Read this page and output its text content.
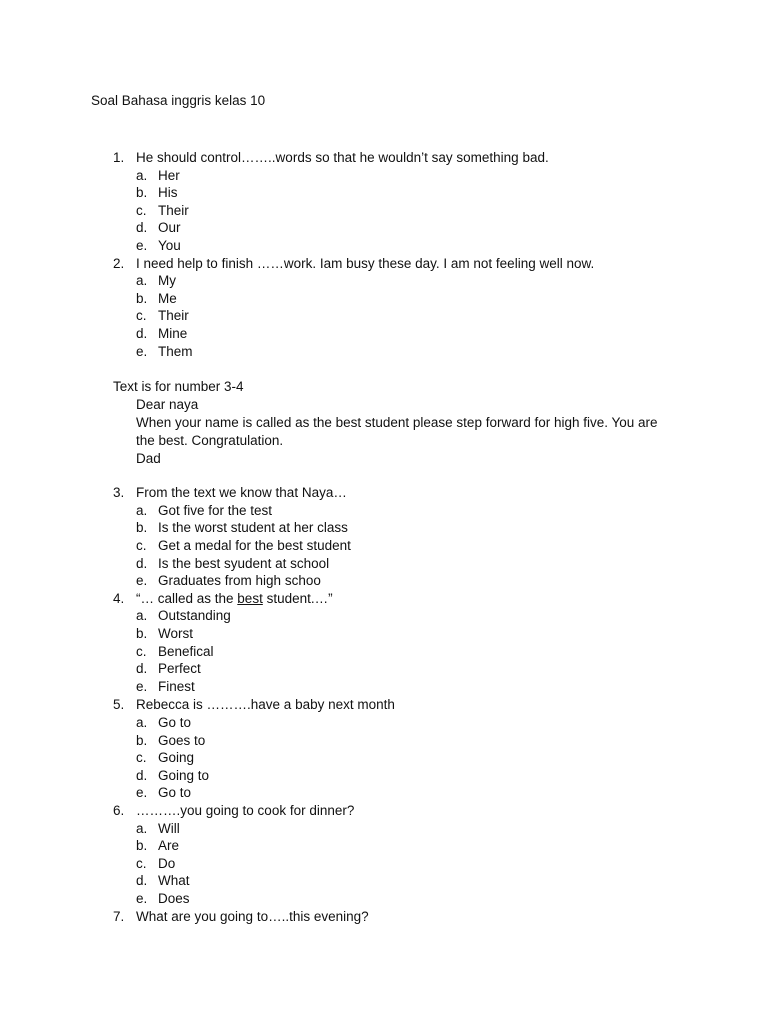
Soal Bahasa inggris kelas 10
1. He should control……..words so that he wouldn’t say something bad.
a. Her
b. His
c. Their
d. Our
e. You
2. I need help to finish ……work. Iam busy these day. I am not feeling well now.
a. My
b. Me
c. Their
d. Mine
e. Them
Text is for number 3-4
Dear naya
When your name is called as the best student please step forward for high five. You are
the best. Congratulation.
Dad
3. From the text we know that Naya…
a. Got five for the test
b. Is the worst student at her class
c. Get a medal for the best student
d. Is the best syudent at school
e. Graduates from high schoo
4. “… called as the best student.…”
a. Outstanding
b. Worst
c. Benefical
d. Perfect
e. Finest
5. Rebecca is ……….have a baby next month
a. Go to
b. Goes to
c. Going
d. Going to
e. Go to
6. ……….you going to cook for dinner?
a. Will
b. Are
c. Do
d. What
e. Does
7. What are you going to…..this evening?
